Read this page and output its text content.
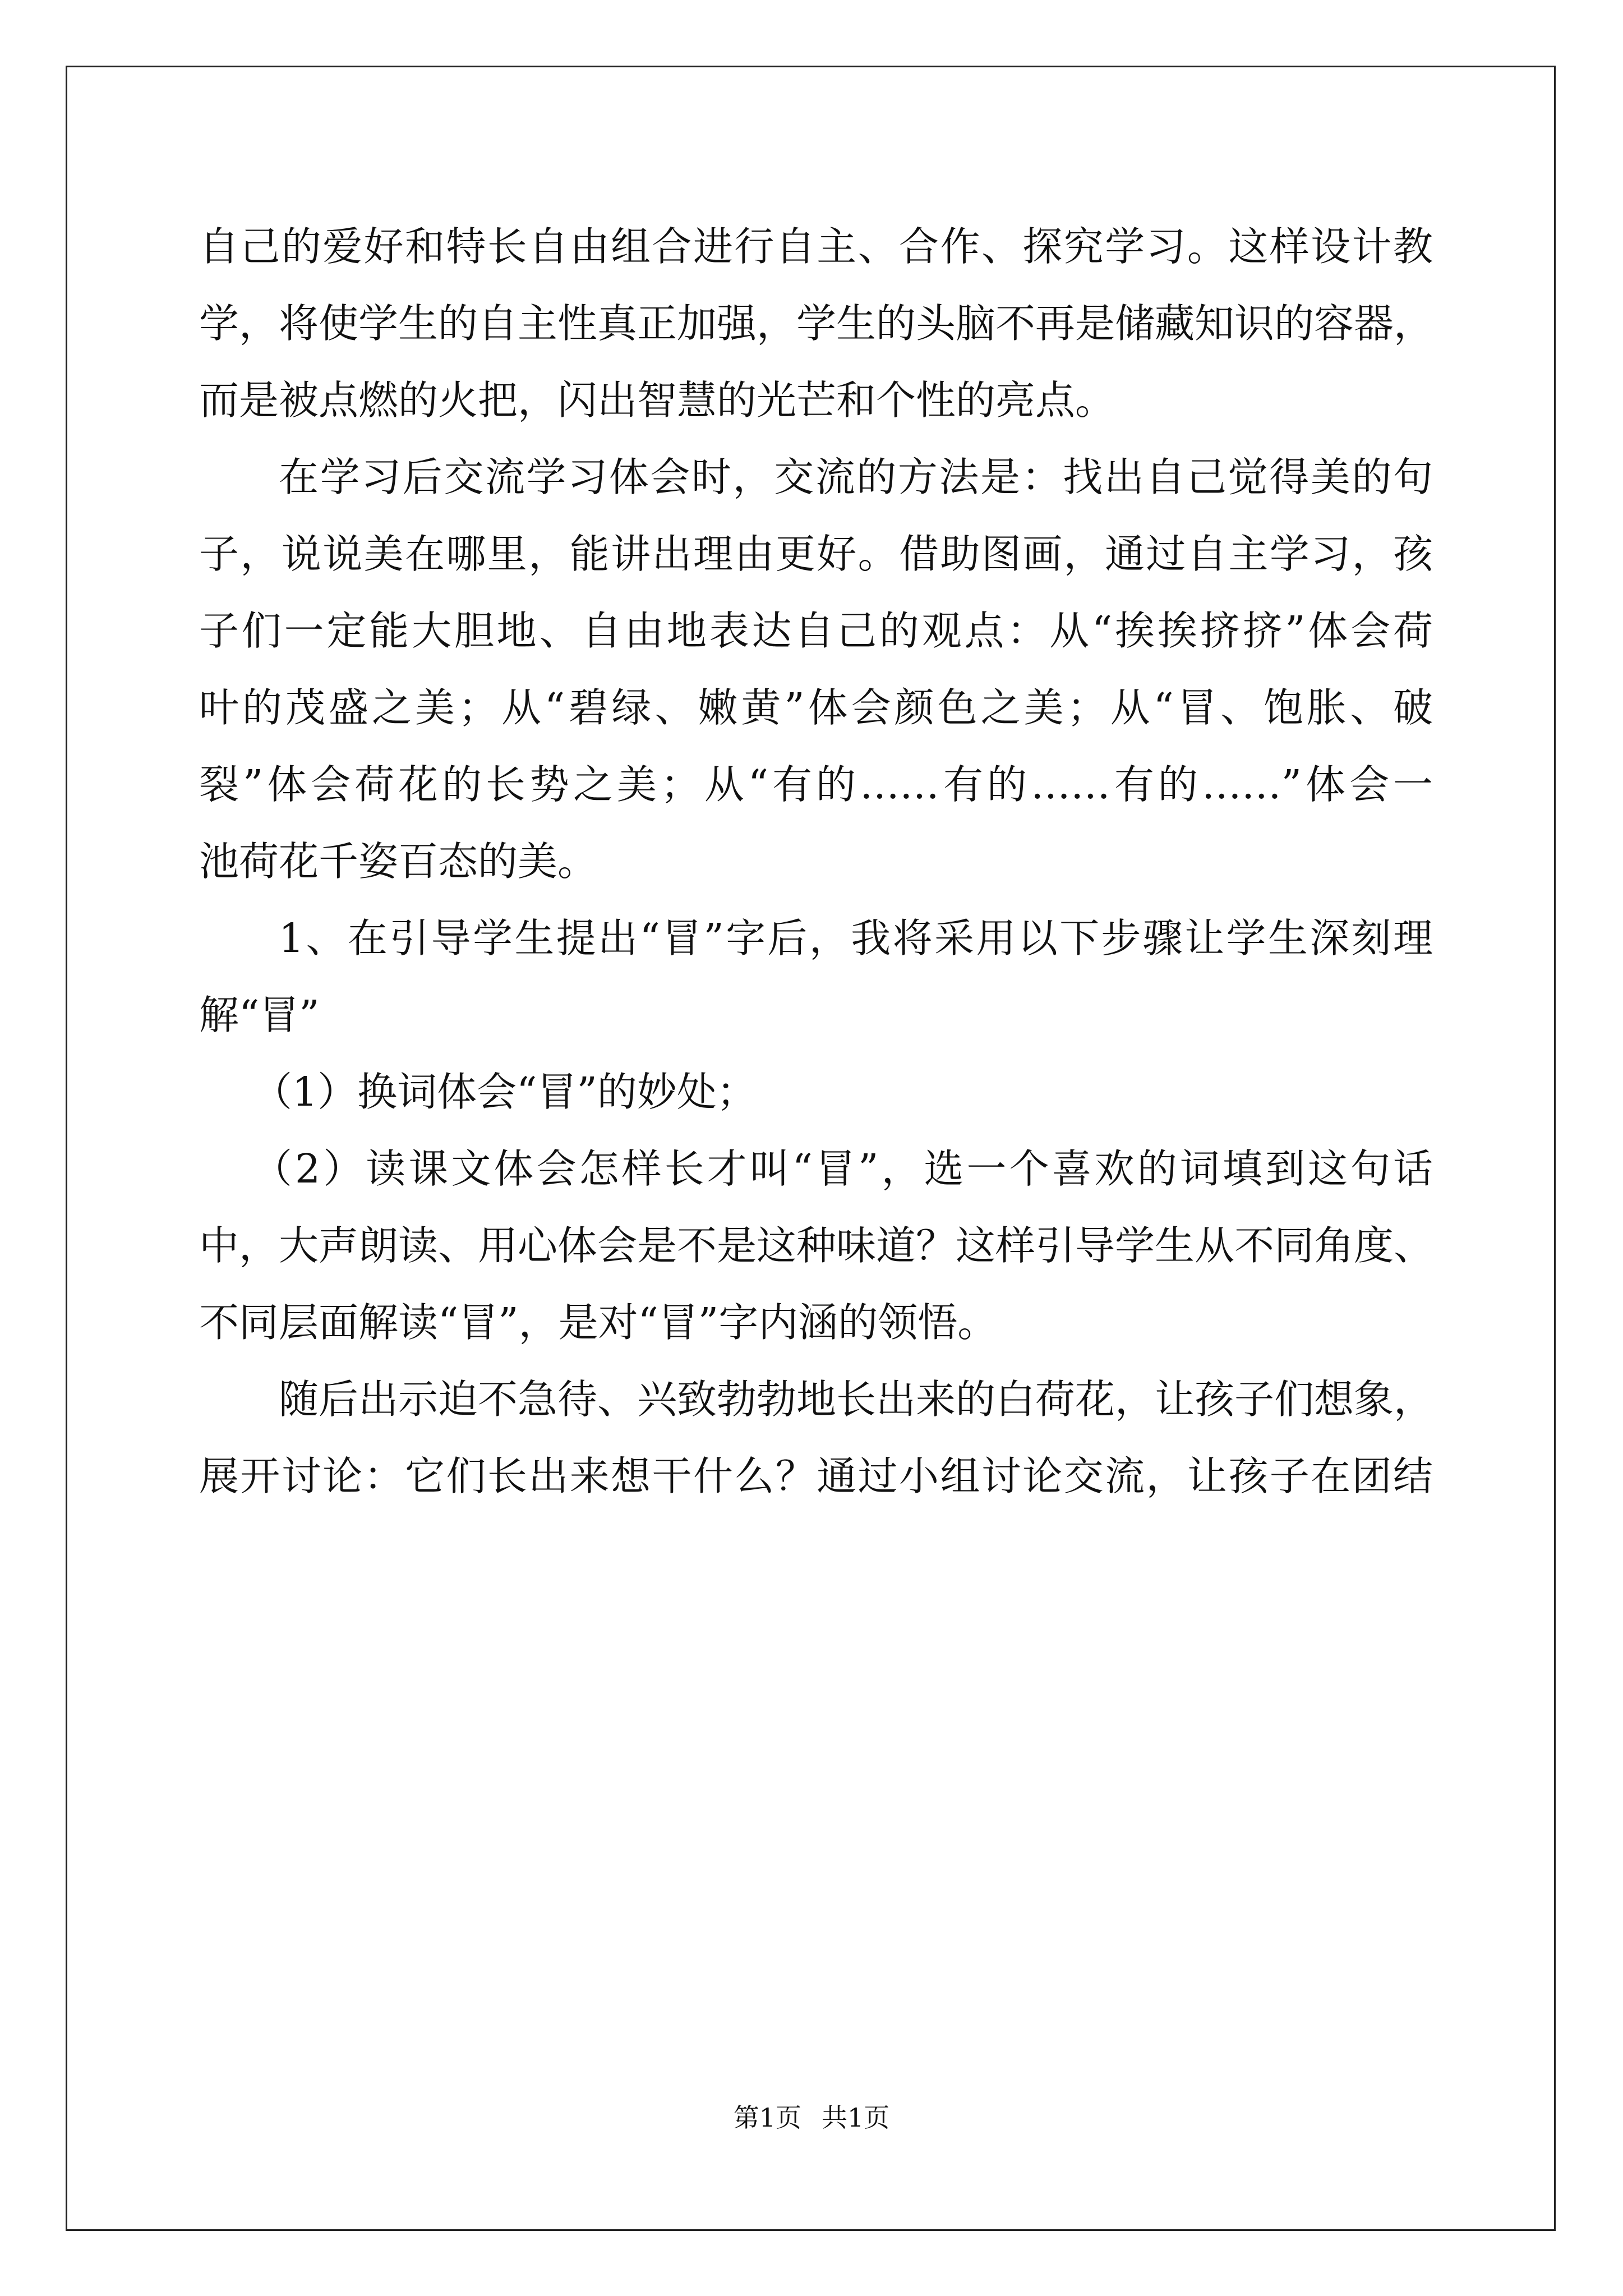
自己的爱好和特长自由组合进行自主、合作、探究学习。这样设计教
学，将使学生的自主性真正加强，学生的头脑不再是储藏知识的容器，
而是被点燃的火把，闪出智慧的光芒和个性的亮点。
在学习后交流学习体会时，交流的方法是：找出自己觉得美的句
子，说说美在哪里，能讲出理由更好。借助图画，通过自主学习，孩
子们一定能大胆地、自由地表达自己的观点：从“挨挨挤挤”体会荷
叶的茂盛之美；从“碧绿、嫩黄”体会颜色之美；从“冒、饱胀、破
裂”体会荷花的长势之美；从“有的……有的……有的……”体会一
池荷花千姿百态的美。
1、在引导学生提出“冒”字后，我将采用以下步骤让学生深刻理
解“冒”
（1）换词体会“冒”的妙处；
（2）读课文体会怎样长才叫“冒”，选一个喜欢的词填到这句话
中，大声朗读、用心体会是不是这种味道？这样引导学生从不同角度、
不同层面解读“冒”，是对“冒”字内涵的领悟。
随后出示迫不急待、兴致勃勃地长出来的白荷花，让孩子们想象，
展开讨论：它们长出来想干什么？通过小组讨论交流，让孩子在团结
第1页 共1页
